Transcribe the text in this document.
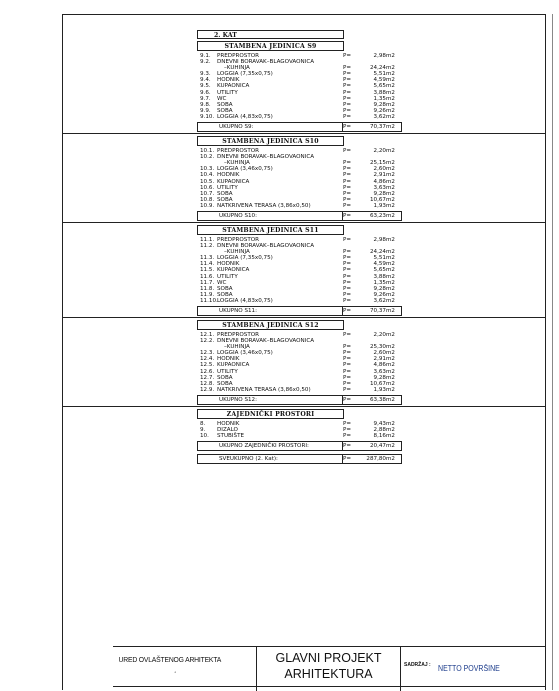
2. KAT
STAMBENA JEDINICA S9
9.1. PREDPROSTOR	P=	2,98m2
9.2. DNEVNI BORAVAK–BLAGOVAONICA
–KUHINJA	P=	24,24m2
9.3. LOGGIA (7,35x0,75)	P=	5,51m2
9.4. HODNIK	P=	4,59m2
9.5. KUPAONICA	P=	5,65m2
9.6. UTILITY	P=	3,88m2
9.7. WC	P=	1,35m2
9.8. SOBA	P=	9,28m2
9.9. SOBA	P=	9,26m2
9.10. LOGGIA (4,83x0,75)	P=	3,62m2
UKUPNO S9:	P=	70,37m2
STAMBENA JEDINICA S10
10.1. PREDPROSTOR	P=	2,20m2
10.2. DNEVNI BORAVAK–BLAGOVAONICA
–KUHINJA	P=	25,15m2
10.3. LOGGIA (3,46x0,75)	P=	2,60m2
10.4. HODNIK	P=	2,91m2
10.5. KUPAONICA	P=	4,86m2
10.6. UTILITY	P=	3,63m2
10.7. SOBA	P=	9,28m2
10.8. SOBA	P=	10,67m2
10.9. NATKRIVENA TERASA (3,86x0,50)	P=	1,93m2
UKUPNO S10:	P=	63,23m2
STAMBENA JEDINICA S11
11.1. PREDPROSTOR	P=	2,98m2
11.2. DNEVNI BORAVAK–BLAGOVAONICA
–KUHINJA	P=	24,24m2
11.3. LOGGIA (7,35x0,75)	P=	5,51m2
11.4. HODNIK	P=	4,59m2
11.5. KUPAONICA	P=	5,65m2
11.6. UTILITY	P=	3,88m2
11.7. WC	P=	1,35m2
11.8. SOBA	P=	9,28m2
11.9. SOBA	P=	9,26m2
11.10. LOGGIA (4,83x0,75)	P=	3,62m2
UKUPNO S11:	P=	70,37m2
STAMBENA JEDINICA S12
12.1. PREDPROSTOR	P=	2,20m2
12.2. DNEVNI BORAVAK–BLAGOVAONICA
–KUHINJA	P=	25,30m2
12.3. LOGGIA (3,46x0,75)	P=	2,60m2
12.4. HODNIK	P=	2,91m2
12.5. KUPAONICA	P=	4,86m2
12.6. UTILITY	P=	3,63m2
12.7. SOBA	P=	9,28m2
12.8. SOBA	P=	10,67m2
12.9. NATKRIVENA TERASA (3,86x0,50)	P=	1,93m2
UKUPNO S12:	P=	63,38m2
ZAJEDNIČKI PROSTORI
8. HODNIK	P=	9,43m2
9. DIZALO	P=	2,88m2
10. STUBIŠTE	P=	8,16m2
UKUPNO ZAJEDNIČKI PROSTORI:	P=	20,47m2
SVEUKUPNO (2. Kat):	P=	287,80m2
URED OVLAŠTENOG ARHITEKTA
˚
GLAVNI PROJEKT
ARHITEKTURA
SADRŽAJ : NETTO POVRŠINE
